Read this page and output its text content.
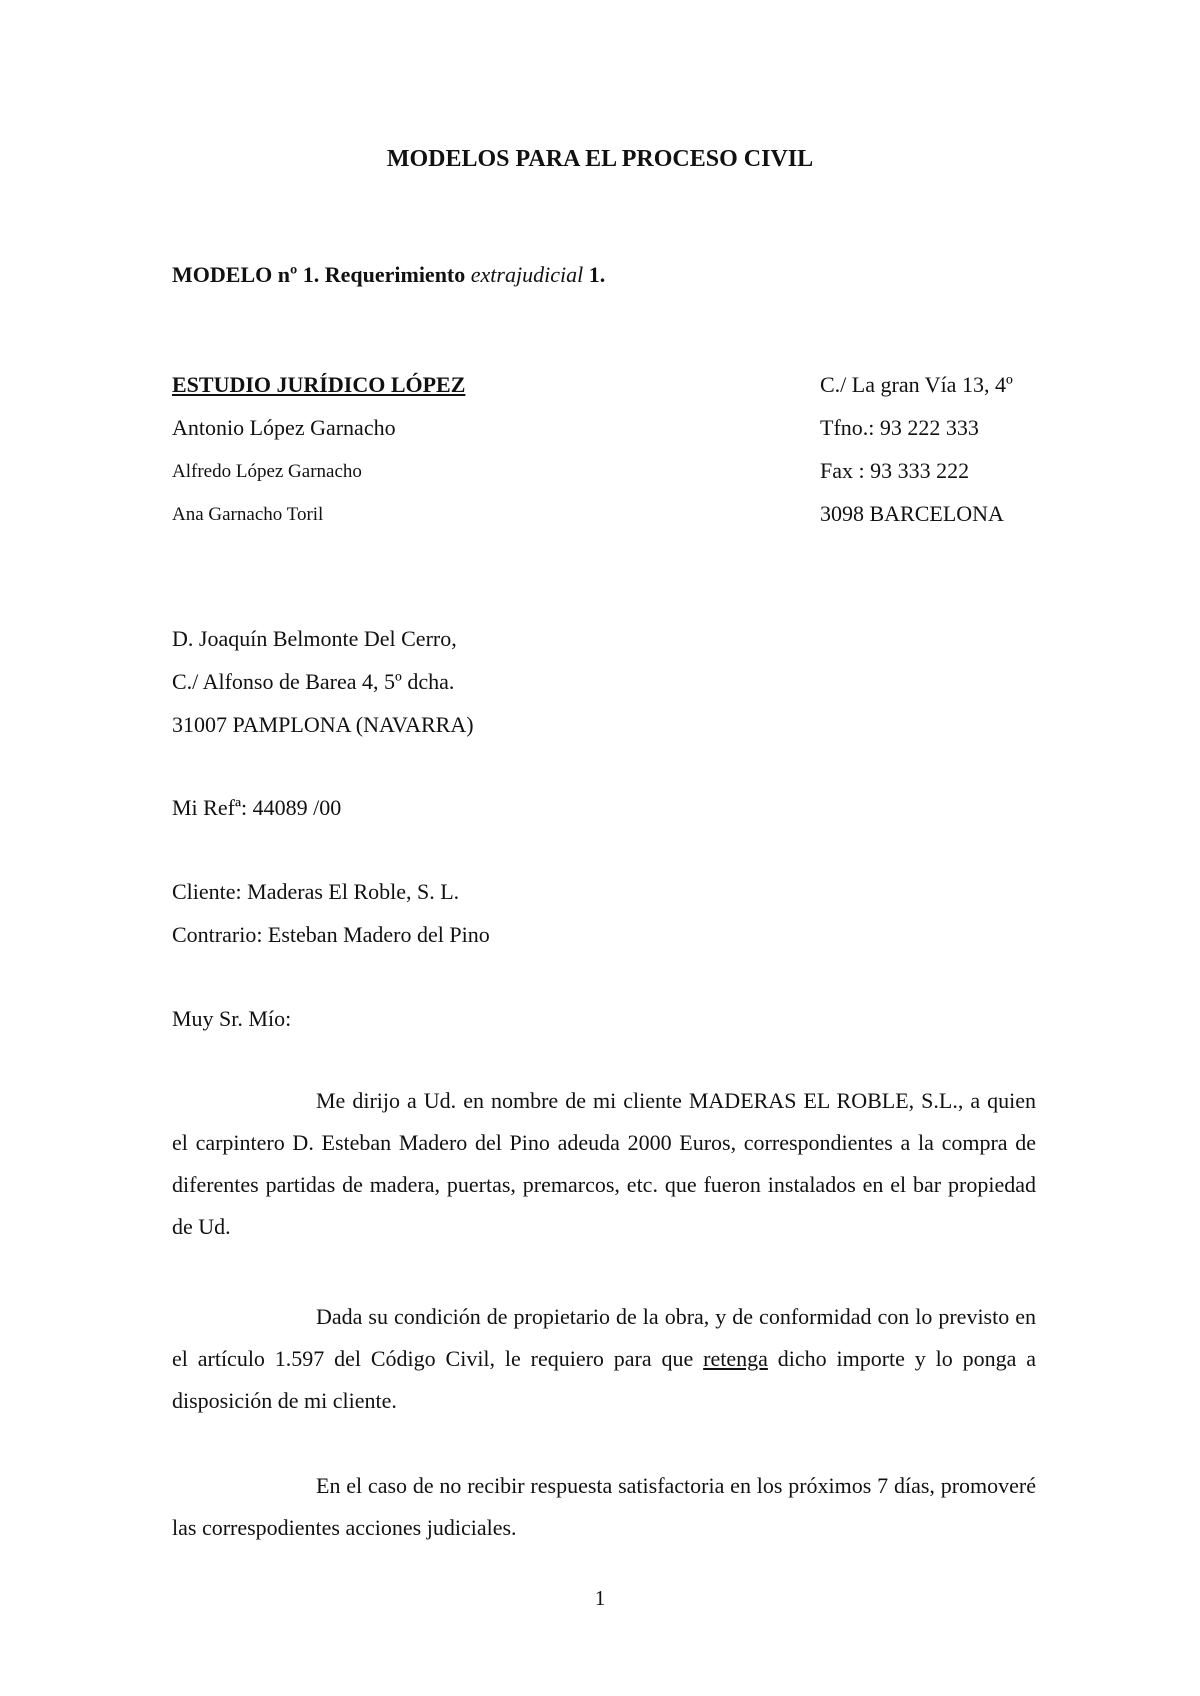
MODELOS PARA EL PROCESO CIVIL
MODELO nº 1. Requerimiento extrajudicial 1.
ESTUDIO JURÍDICO LÓPEZ
Antonio López Garnacho
Alfredo López Garnacho
Ana Garnacho Toril
C./ La gran Vía 13, 4º
Tfno.: 93 222 333
Fax : 93 333 222
3098 BARCELONA
D. Joaquín Belmonte Del Cerro,
C./ Alfonso de Barea 4, 5º dcha.
31007 PAMPLONA (NAVARRA)
Mi Refª: 44089 /00
Cliente: Maderas El Roble, S. L.
Contrario: Esteban Madero del Pino
Muy Sr. Mío:
Me dirijo a Ud. en nombre de mi cliente MADERAS EL ROBLE, S.L., a quien el carpintero D. Esteban Madero del Pino adeuda 2000 Euros, correspondientes a la compra de diferentes partidas de madera, puertas, premarcos, etc. que fueron instalados en el bar propiedad de Ud.
Dada su condición de propietario de la obra, y de conformidad con lo previsto en el artículo 1.597 del Código Civil, le requiero para que retenga dicho importe y lo ponga a disposición de mi cliente.
En el caso de no recibir respuesta satisfactoria en los próximos 7 días, promoveré las correspodientes acciones judiciales.
1
